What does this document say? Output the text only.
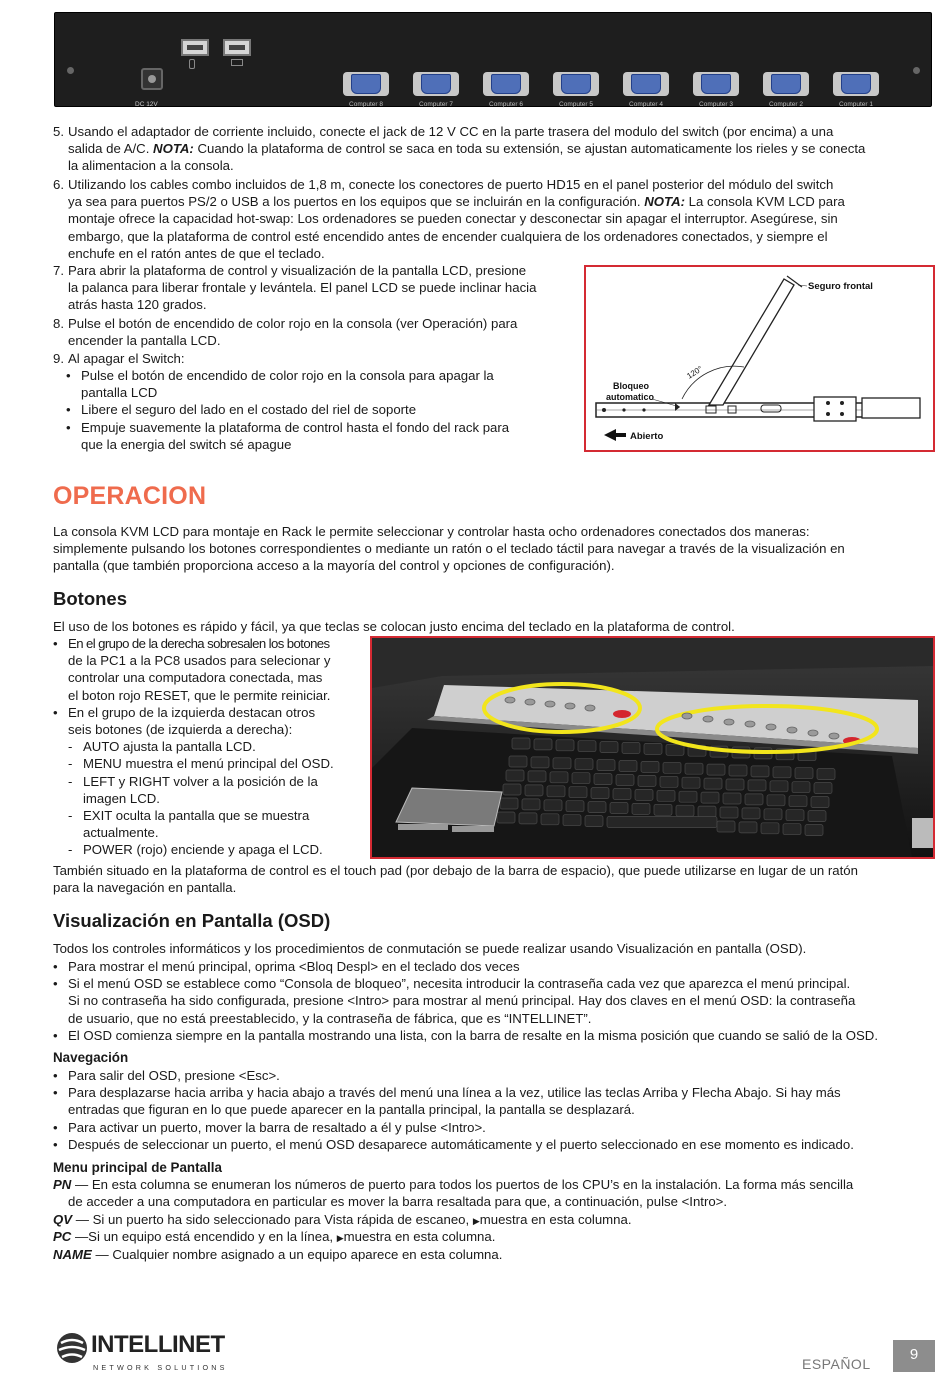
DC 12V	Computer 8	Computer 7	Computer 6	Computer 5	Computer 4	Computer 3	Computer 2	Computer 1
5. Usando el adaptador de corriente incluido, conecte el jack de 12 V CC en la parte trasera del modulo del switch (por encima) a una
salida de A/C. NOTA: Cuando la plataforma de control se saca en toda su extensión, se ajustan automaticamente los rieles y se conecta
la alimentacion a la consola.
6. Utilizando los cables combo incluidos de 1,8 m, conecte los conectores de puerto HD15 en el panel posterior del módulo del switch
ya sea para puertos PS/2 o USB a los puertos en los equipos que se incluirán en la configuración. NOTA: La consola KVM LCD para
montaje ofrece la capacidad hot-swap: Los ordenadores se pueden conectar y desconectar sin apagar el interruptor. Asegúrese, sin
embargo, que la plataforma de control esté encendido antes de encender cualquiera de los ordenadores conectados, y siempre el
enchufe en el ratón antes de que el teclado.
7. Para abrir la plataforma de control y visualización de la pantalla LCD, presione
la palanca para liberar frontale y levántela. El panel LCD se puede inclinar hacia
atrás hasta 120 grados.
8. Pulse el botón de encendido de color rojo en la consola (ver Operación) para
encender la pantalla LCD.
9. Al apagar el Switch:
• Pulse el botón de encendido de color rojo en la consola para apagar la
pantalla LCD
• Libere el seguro del lado en el costado del riel de soporte
• Empuje suavemente la plataforma de control hasta el fondo del rack para
que la energia del switch sé apague
Seguro frontal
120°
Bloqueo
automatico
Abierto
OPERACION
La consola KVM LCD para montaje en Rack le permite seleccionar y controlar hasta ocho ordenadores conectados dos maneras:
simplemente pulsando los botones correspondientes o mediante un ratón o el teclado táctil para navegar a través de la visualización en
pantalla (que también proporciona acceso a la mayoría del control y opciones de configuración).
Botones
El uso de los botones es rápido y fácil, ya que teclas se colocan justo encima del teclado en la plataforma de control.
• En el grupo de la derecha sobresalen los botones
de la PC1 a la PC8 usados para selecionar y
controlar una computadora conectada, mas
el boton rojo RESET, que le permite reiniciar.
• En el grupo de la izquierda destacan otros
seis botones (de izquierda a derecha):
- AUTO ajusta la pantalla LCD.
- MENU muestra el menú principal del OSD.
- LEFT y RIGHT volver a la posición de la
imagen LCD.
- EXIT oculta la pantalla que se muestra
actualmente.
- POWER (rojo) enciende y apaga el LCD.
También situado en la plataforma de control es el touch pad (por debajo de la barra de espacio), que puede utilizarse en lugar de un ratón
para la navegación en pantalla.
Visualización en Pantalla (OSD)
Todos los controles informáticos y los procedimientos de conmutación se puede realizar usando Visualización en pantalla (OSD).
• Para mostrar el menú principal, oprima <Bloq Despl> en el teclado dos veces
• Si el menú OSD se establece como “Consola de bloqueo”, necesita introducir la contraseña cada vez que aparezca el menú principal.
Si no contraseña ha sido configurada, presione <Intro> para mostrar al menú principal. Hay dos claves en el menú OSD: la contraseña
de usuario, que no está preestablecido, y la contraseña de fábrica, que es “INTELLINET”.
• El OSD comienza siempre en la pantalla mostrando una lista, con la barra de resalte en la misma posición que cuando se salió de la OSD.
Navegación
• Para salir del OSD, presione <Esc>.
• Para desplazarse hacia arriba y hacia abajo a través del menú una línea a la vez, utilice las teclas Arriba y Flecha Abajo. Si hay más
entradas que figuran en lo que puede aparecer en la pantalla principal, la pantalla se desplazará.
• Para activar un puerto, mover la barra de resaltado a él y pulse <Intro>.
• Después de seleccionar un puerto, el menú OSD desaparece automáticamente y el puerto seleccionado en ese momento es indicado.
Menu principal de Pantalla
PN — En esta columna se enumeran los números de puerto para todos los puertos de los CPU’s en la instalación. La forma más sencilla
de acceder a una computadora en particular es mover la barra resaltada para que, a continuación, pulse <Intro>.
QV — Si un puerto ha sido seleccionado para Vista rápida de escaneo, ▶muestra en esta columna.
PC —Si un equipo está encendido y en la línea, ▶muestra en esta columna.
NAME — Cualquier nombre asignado a un equipo aparece en esta columna.
INTELLINET
NETWORK SOLUTIONS	ESPAÑOL
9
